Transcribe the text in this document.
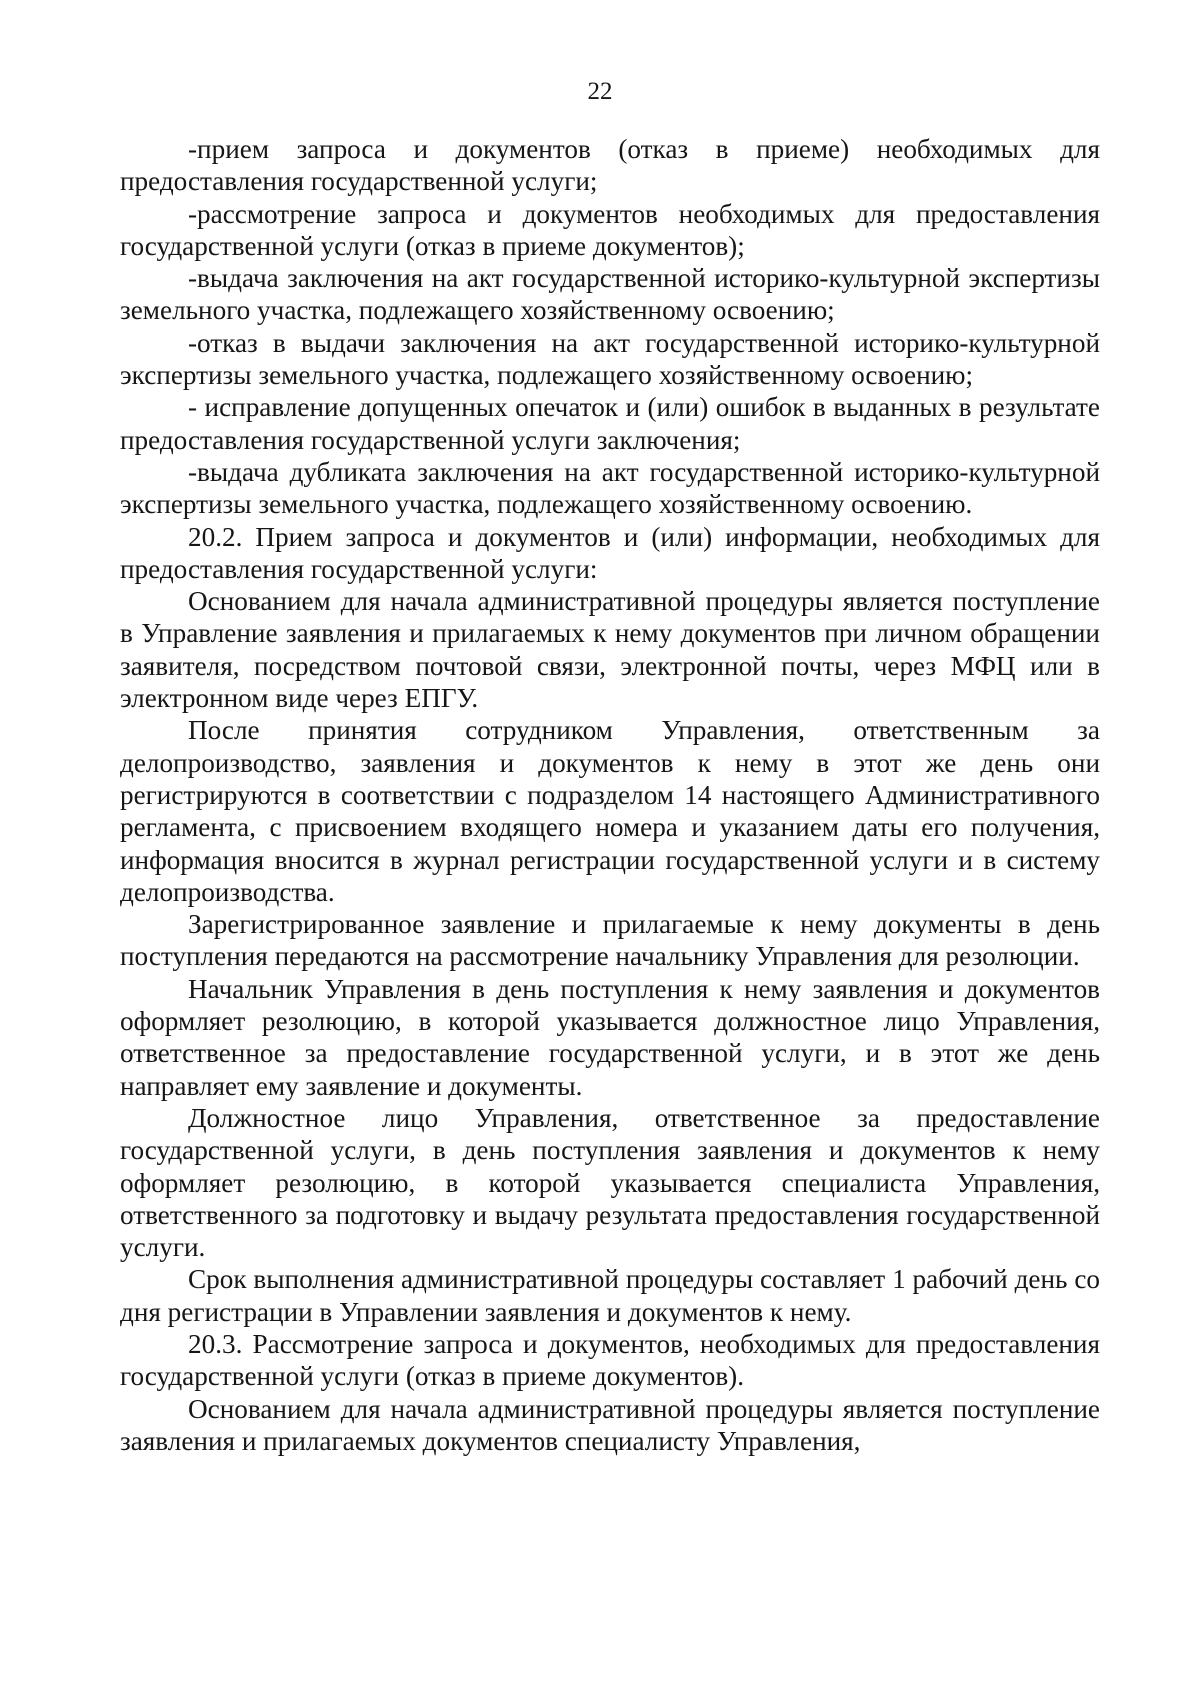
22

-прием запроса и документов (отказ в приеме) необходимых для предоставления государственной услуги;

-рассмотрение запроса и документов необходимых для предоставления государственной услуги (отказ в приеме документов);

-выдача заключения на акт государственной историко-культурной экспертизы земельного участка, подлежащего хозяйственному освоению;

-отказ в выдачи заключения на акт государственной историко-культурной экспертизы земельного участка, подлежащего хозяйственному освоению;

- исправление допущенных опечаток и (или) ошибок в выданных в результате предоставления государственной услуги заключения;

-выдача дубликата заключения на акт государственной историко-культурной экспертизы земельного участка, подлежащего хозяйственному освоению.

20.2. Прием запроса и документов и (или) информации, необходимых для предоставления государственной услуги:

Основанием для начала административной процедуры является поступление в Управление заявления и прилагаемых к нему документов при личном обращении заявителя, посредством почтовой связи, электронной почты, через МФЦ или в электронном виде через ЕПГУ.

После принятия сотрудником Управления, ответственным за делопроизводство, заявления и документов к нему в этот же день они регистрируются в соответствии с подразделом 14 настоящего Административного регламента, с присвоением входящего номера и указанием даты его получения, информация вносится в журнал регистрации государственной услуги и в систему делопроизводства.

Зарегистрированное заявление и прилагаемые к нему документы в день поступления передаются на рассмотрение начальнику Управления для резолюции.

Начальник Управления в день поступления к нему заявления и документов оформляет резолюцию, в которой указывается должностное лицо Управления, ответственное за предоставление государственной услуги, и в этот же день направляет ему заявление и документы.

Должностное лицо Управления, ответственное за предоставление государственной услуги, в день поступления заявления и документов к нему оформляет резолюцию, в которой указывается специалиста Управления, ответственного за подготовку и выдачу результата предоставления государственной услуги.

Срок выполнения административной процедуры составляет 1 рабочий день со дня регистрации в Управлении заявления и документов к нему.

20.3. Рассмотрение запроса и документов, необходимых для предоставления государственной услуги (отказ в приеме документов).

Основанием для начала административной процедуры является поступление заявления и прилагаемых документов специалисту Управления,
